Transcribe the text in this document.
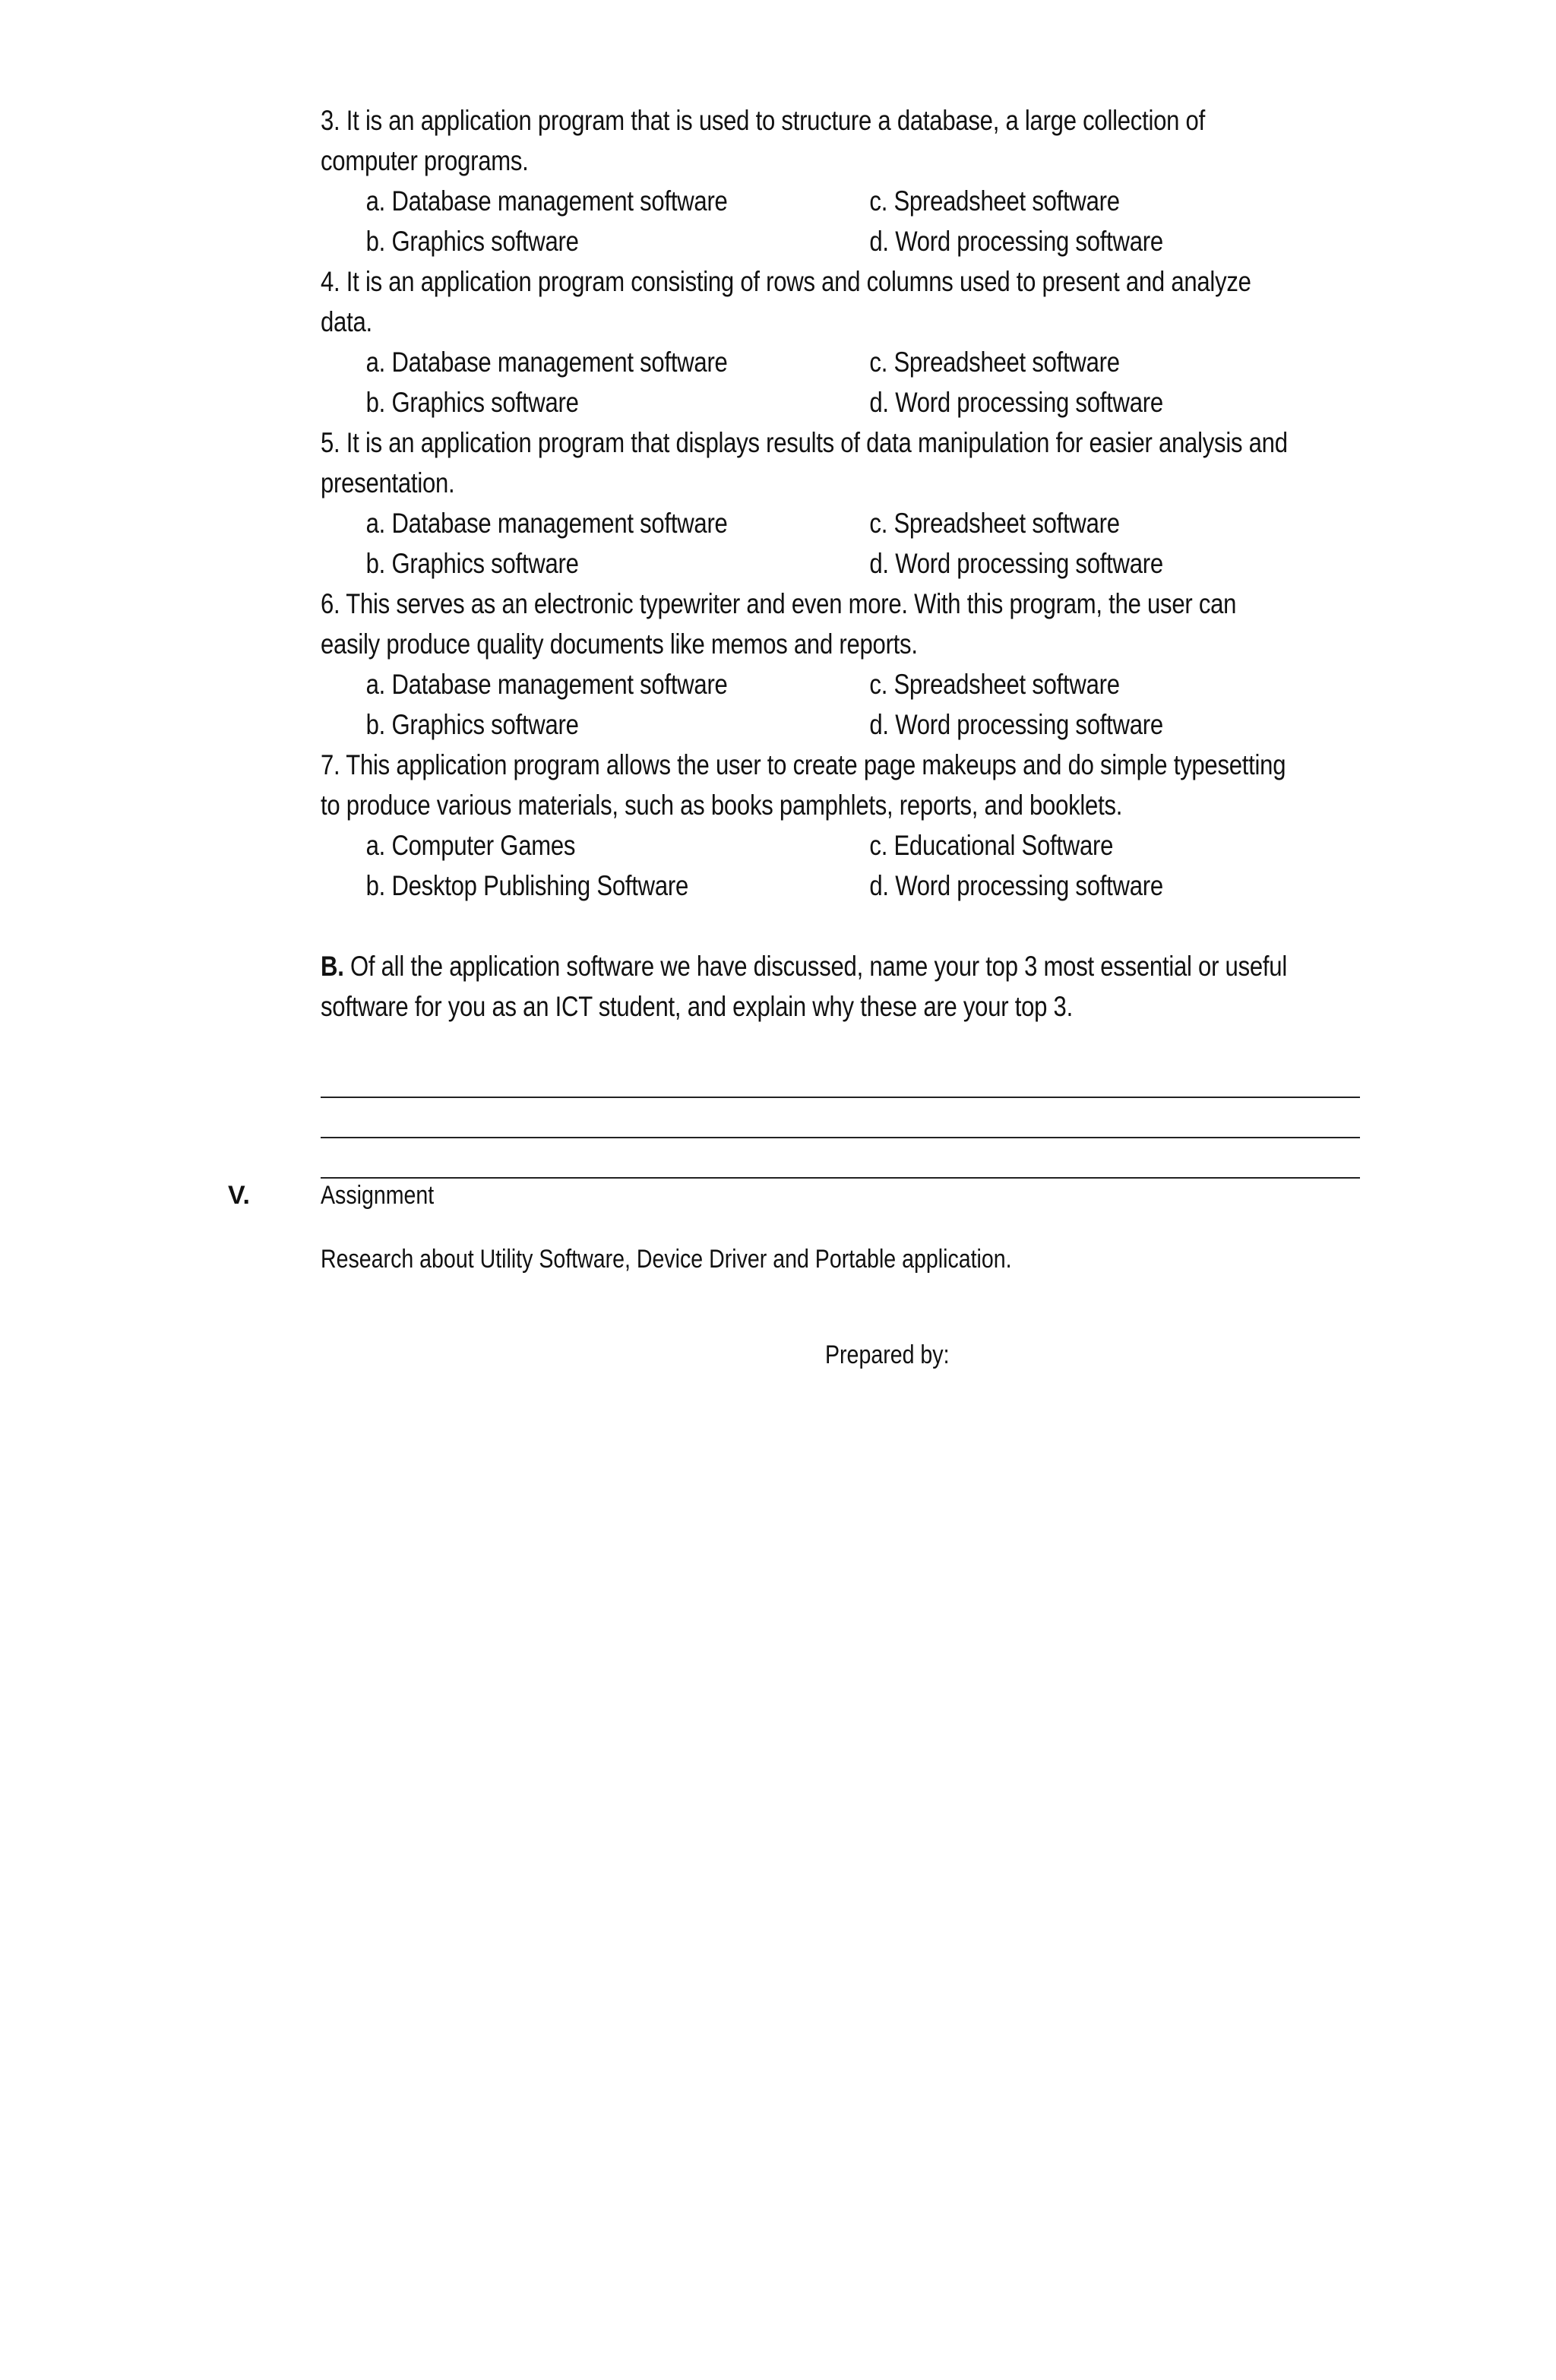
3. It is an application program that is used to structure a database, a large collection of
computer programs.
a. Database management software	c. Spreadsheet software
b. Graphics software	d. Word processing software
4. It is an application program consisting of rows and columns used to present and analyze
data.
a. Database management software	c. Spreadsheet software
b. Graphics software	d. Word processing software
5. It is an application program that displays results of data manipulation for easier analysis and
presentation.
a. Database management software	c. Spreadsheet software
b. Graphics software	d. Word processing software
6. This serves as an electronic typewriter and even more. With this program, the user can
easily produce quality documents like memos and reports.
a. Database management software	c. Spreadsheet software
b. Graphics software	d. Word processing software
7. This application program allows the user to create page makeups and do simple typesetting
to produce various materials, such as books pamphlets, reports, and booklets.
a. Computer Games	c. Educational Software
b. Desktop Publishing Software	d. Word processing software
B. Of all the application software we have discussed, name your top 3 most essential or useful
software for you as an ICT student, and explain why these are your top 3.
V.	Assignment
Research about Utility Software, Device Driver and Portable application.
Prepared by:
